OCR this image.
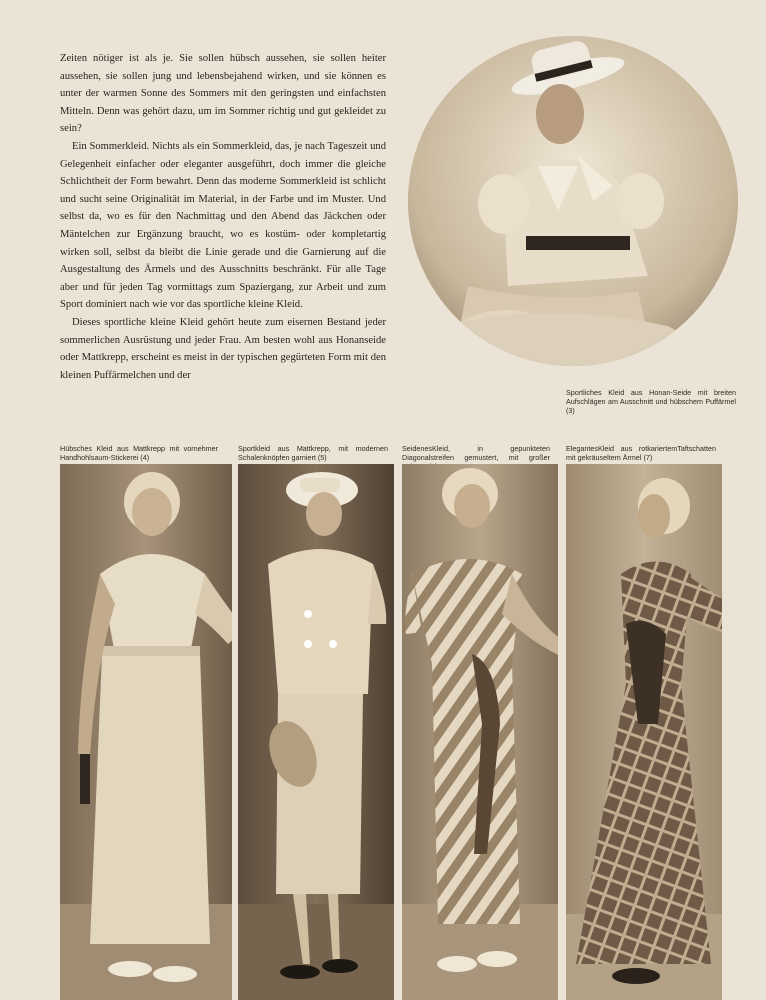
Zeiten nötiger ist als je. Sie sollen hübsch aussehen, sie sollen heiter aussehen, sie sollen jung und lebensbejahend wirken, und sie können es unter der warmen Sonne des Sommers mit den geringsten und einfachsten Mitteln. Denn was gehört dazu, um im Sommer richtig und gut gekleidet zu sein?

Ein Sommerkleid. Nichts als ein Sommerkleid, das, je nach Tageszeit und Gelegenheit einfacher oder eleganter ausgeführt, doch immer die gleiche Schlichtheit der Form bewahrt. Denn das moderne Sommerkleid ist schlicht und sucht seine Originalität im Material, in der Farbe und im Muster. Und selbst da, wo es für den Nachmittag und den Abend das Jäckchen oder Mäntelchen zur Ergänzung braucht, wo es kostüm- oder kompletartig wirken soll, selbst da bleibt die Linie gerade und die Garnierung auf die Ausgestaltung des Ärmels und des Ausschnitts beschränkt. Für alle Tage aber und für jeden Tag vormittags zum Spaziergang, zur Arbeit und zum Sport dominiert nach wie vor das sportliche kleine Kleid.

Dieses sportliche kleine Kleid gehört heute zum eisernen Bestand jeder sommerlichen Ausrüstung und jeder Frau. Am besten wohl aus Honanseide oder Mattkrepp, erscheint es meist in der typischen gegürteten Form mit den kleinen Puffärmelchen und der

Sportliches Kleid aus Honan-Seide mit breiten Aufschlägen am Ausschnitt und hübschem Puffärmel (3)
Hübsches Kleid aus Mattkrepp mit vornehmer Handhohlsaum-Stickerei (4)
Sportkleid aus Mattkrepp, mit modernen Schalenknöpfen garniert (5)
SeidenesKleid, in gepunkteten Diagonalstreifen gemustert, mit großer
ElegantesKleid aus rotkariertemTaftschatten mit gekräuseltem Ärmel (7)
